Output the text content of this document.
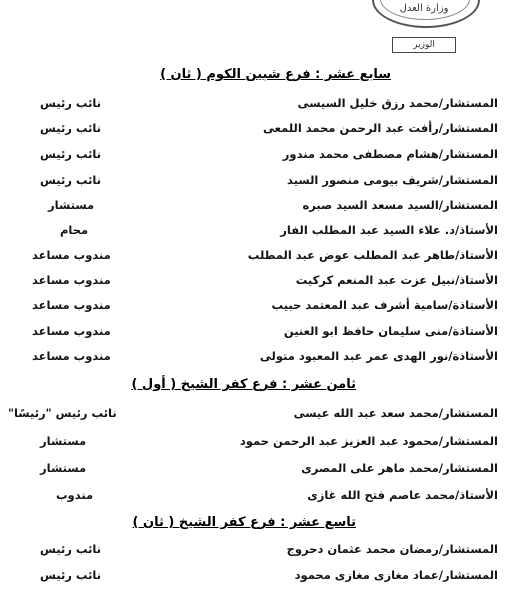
وزارة العدل
الوزير
سابع عشر : فرع شبين الكوم ( ثان )
المستشار/محمد رزق خليل السيسى
نائب رئيس
المستشار/رأفت عبد الرحمن محمد اللمعى
نائب رئيس
المستشار/هشام مصطفى محمد مندور
نائب رئيس
المستشار/شريف بيومى منصور السيد
نائب رئيس
المستشار/السيد مسعد السيد صبره
مستشار
الأستاذ/د. علاء السيد عبد المطلب الفار
محام
الأستاذ/طاهر عبد المطلب عوض عبد المطلب
مندوب مساعد
الأستاذ/نبيل عزت عبد المنعم كركيت
مندوب مساعد
الأستاذة/سامية أشرف عبد المعتمد حبيب
مندوب مساعد
الأستاذة/منى سليمان حافظ ابو العنين
مندوب مساعد
الأستاذة/نور الهدى عمر عبد المعبود متولى
مندوب مساعد
ثامن عشر : فرع كفر الشيخ ( أول )
المستشار/محمد سعد عبد الله عيسى
نائب رئيس "رئيسًا"
المستشار/محمود عبد العزيز عبد الرحمن حمود
مستشار
المستشار/محمد ماهر على المصرى
مستشار
الأستاذ/محمد عاصم فتح الله غازى
مندوب
تاسع عشر : فرع كفر الشيخ ( ثان )
المستشار/رمضان محمد عثمان دحروج
نائب رئيس
المستشار/عماد مغازى مغازى محمود
نائب رئيس
